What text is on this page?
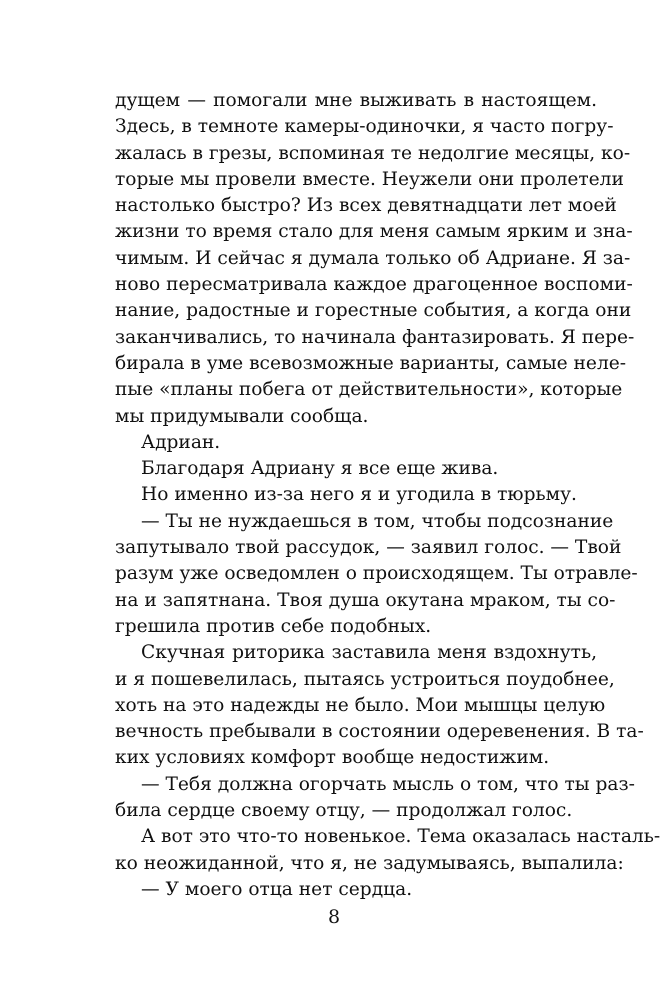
дущем — помогали мне выживать в настоящем.
Здесь, в темноте камеры-одиночки, я часто погру-
жалась в грезы, вспоминая те недолгие месяцы, ко-
торые мы провели вместе. Неужели они пролетели
настолько быстро? Из всех девятнадцати лет моей
жизни то время стало для меня самым ярким и зна-
чимым. И сейчас я думала только об Адриане. Я за-
ново пересматривала каждое драгоценное воспоми-
нание, радостные и горестные события, а когда они
заканчивались, то начинала фантазировать. Я пере-
бирала в уме всевозможные варианты, самые неле-
пые «планы побега от действительности», которые
мы придумывали сообща.
Адриан.
Благодаря Адриану я все еще жива.
Но именно из-за него я и угодила в тюрьму.
— Ты не нуждаешься в том, чтобы подсознание
запутывало твой рассудок, — заявил голос. — Твой
разум уже осведомлен о происходящем. Ты отравле-
на и запятнана. Твоя душа окутана мраком, ты со-
грешила против себе подобных.
Скучная риторика заставила меня вздохнуть,
и я пошевелилась, пытаясь устроиться поудобнее,
хоть на это надежды не было. Мои мышцы целую
вечность пребывали в состоянии одеревенения. В та-
ких условиях комфорт вообще недостижим.
— Тебя должна огорчать мысль о том, что ты раз-
била сердце своему отцу, — продолжал голос.
А вот это что-то новенькое. Тема оказалась насталь-
ко неожиданной, что я, не задумываясь, выпалила:
— У моего отца нет сердца.
8
